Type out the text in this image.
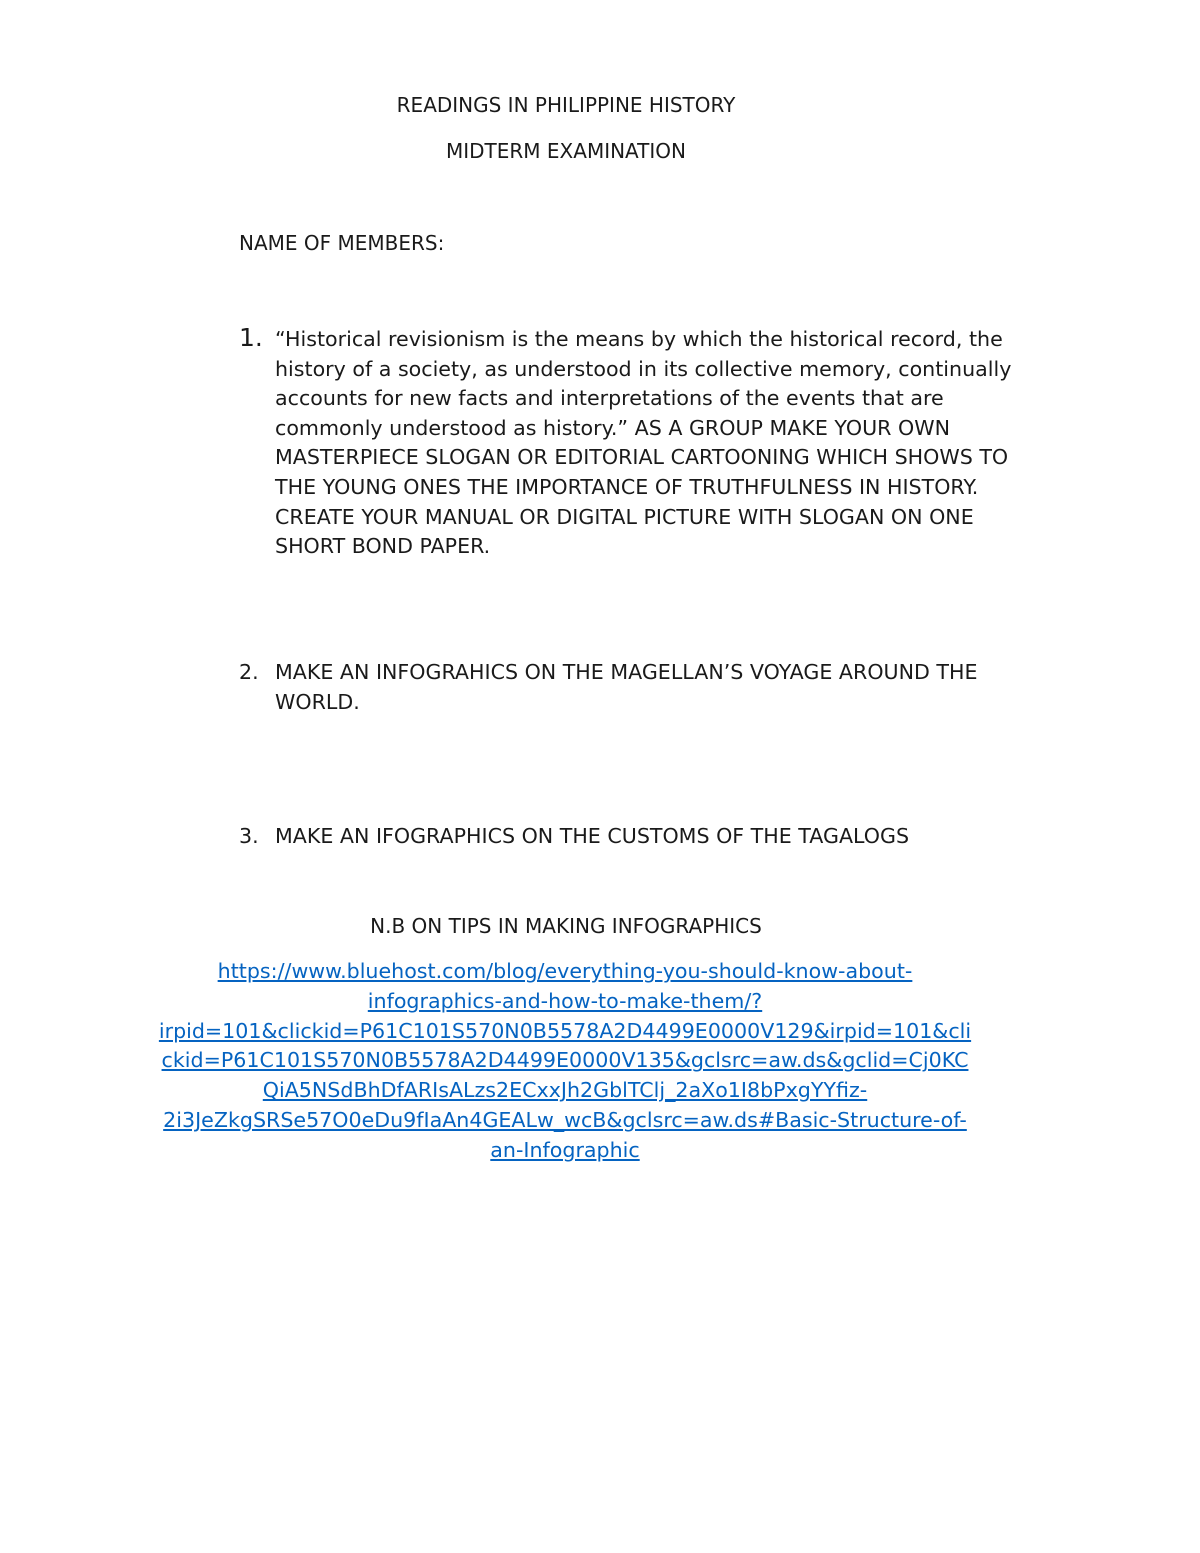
READINGS IN PHILIPPINE HISTORY
MIDTERM EXAMINATION
NAME OF MEMBERS:
1. “Historical revisionism is the means by which the historical record, the history of a society, as understood in its collective memory, continually accounts for new facts and interpretations of the events that are commonly understood as history.” AS A GROUP MAKE YOUR OWN MASTERPIECE SLOGAN OR EDITORIAL CARTOONING WHICH SHOWS TO THE YOUNG ONES THE IMPORTANCE OF TRUTHFULNESS IN HISTORY. CREATE YOUR MANUAL OR DIGITAL PICTURE WITH SLOGAN ON ONE SHORT BOND PAPER.
2. MAKE AN INFOGRAHICS ON THE MAGELLAN’S VOYAGE AROUND THE WORLD.
3. MAKE AN IFOGRAPHICS ON THE CUSTOMS OF THE TAGALOGS
N.B ON TIPS IN MAKING INFOGRAPHICS
https://www.bluehost.com/blog/everything-you-should-know-about-
infographics-and-how-to-make-them/?
irpid=101&clickid=P61C101S570N0B5578A2D4499E0000V129&irpid=101&cli
ckid=P61C101S570N0B5578A2D4499E0000V135&gclsrc=aw.ds&gclid=Cj0KC
QiA5NSdBhDfARIsALzs2ECxxJh2GblTClj_2aXo1I8bPxgYYfiz-
2i3JeZkgSRSe57O0eDu9fIaAn4GEALw_wcB&gclsrc=aw.ds#Basic-Structure-of-
an-Infographic
